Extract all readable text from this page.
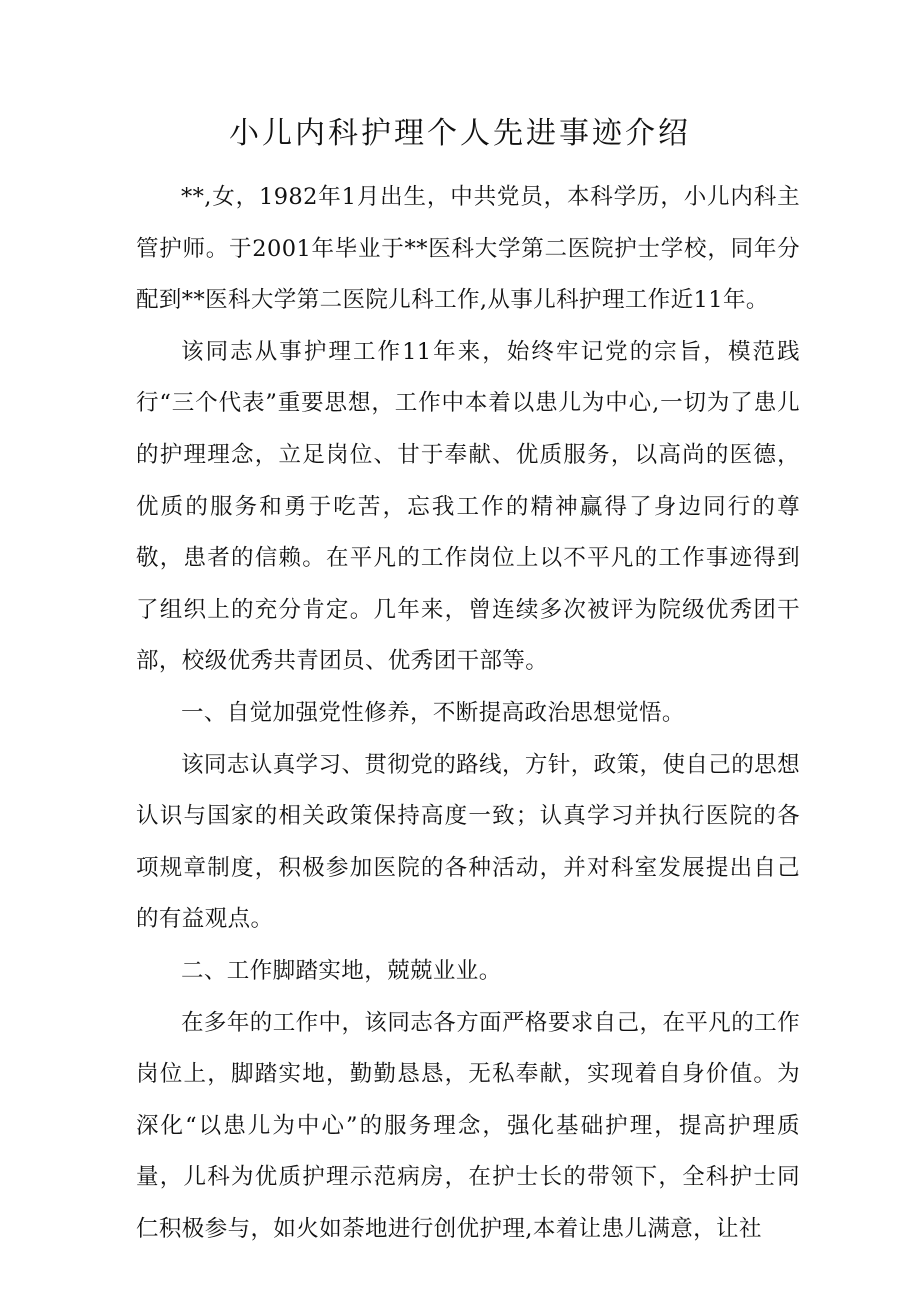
小儿内科护理个人先进事迹介绍

**,女，1982年1月出生，中共党员，本科学历，小儿内科主管护师。于2001年毕业于**医科大学第二医院护士学校，同年分配到**医科大学第二医院儿科工作,从事儿科护理工作近11年。

该同志从事护理工作11年来，始终牢记党的宗旨，模范践行“三个代表”重要思想，工作中本着以患儿为中心,一切为了患儿的护理理念，立足岗位、甘于奉献、优质服务，以高尚的医德，优质的服务和勇于吃苦，忘我工作的精神赢得了身边同行的尊敬，患者的信赖。在平凡的工作岗位上以不平凡的工作事迹得到了组织上的充分肯定。几年来，曾连续多次被评为院级优秀团干部，校级优秀共青团员、优秀团干部等。

一、自觉加强党性修养，不断提高政治思想觉悟。

该同志认真学习、贯彻党的路线，方针，政策，使自己的思想认识与国家的相关政策保持高度一致；认真学习并执行医院的各项规章制度，积极参加医院的各种活动，并对科室发展提出自己的有益观点。

二、工作脚踏实地，兢兢业业。

在多年的工作中，该同志各方面严格要求自己，在平凡的工作岗位上，脚踏实地，勤勤恳恳，无私奉献，实现着自身价值。为深化“以患儿为中心”的服务理念，强化基础护理，提高护理质量，儿科为优质护理示范病房，在护士长的带领下，全科护士同仁积极参与，如火如荼地进行创优护理,本着让患儿满意，让社
